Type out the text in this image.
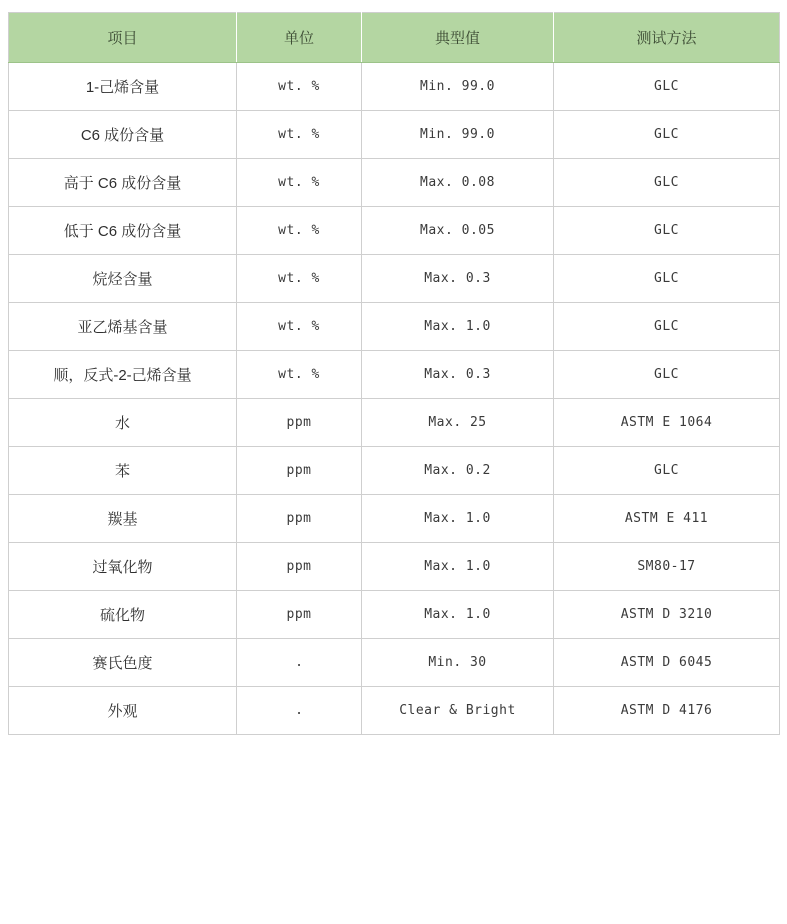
项目	单位	典型值	测试方法
1-己烯含量	wt. %	Min. 99.0	GLC
C6 成份含量	wt. %	Min. 99.0	GLC
高于 C6 成份含量	wt. %	Max. 0.08	GLC
低于 C6 成份含量	wt. %	Max. 0.05	GLC
烷烃含量	wt. %	Max. 0.3	GLC
亚乙烯基含量	wt. %	Max. 1.0	GLC
顺，反式-2-己烯含量	wt. %	Max. 0.3	GLC
水	ppm	Max. 25	ASTM E 1064
苯	ppm	Max. 0.2	GLC
羰基	ppm	Max. 1.0	ASTM E 411
过氧化物	ppm	Max. 1.0	SM80-17
硫化物	ppm	Max. 1.0	ASTM D 3210
赛氏色度	.	Min. 30	ASTM D 6045
外观	.	Clear & Bright	ASTM D 4176
